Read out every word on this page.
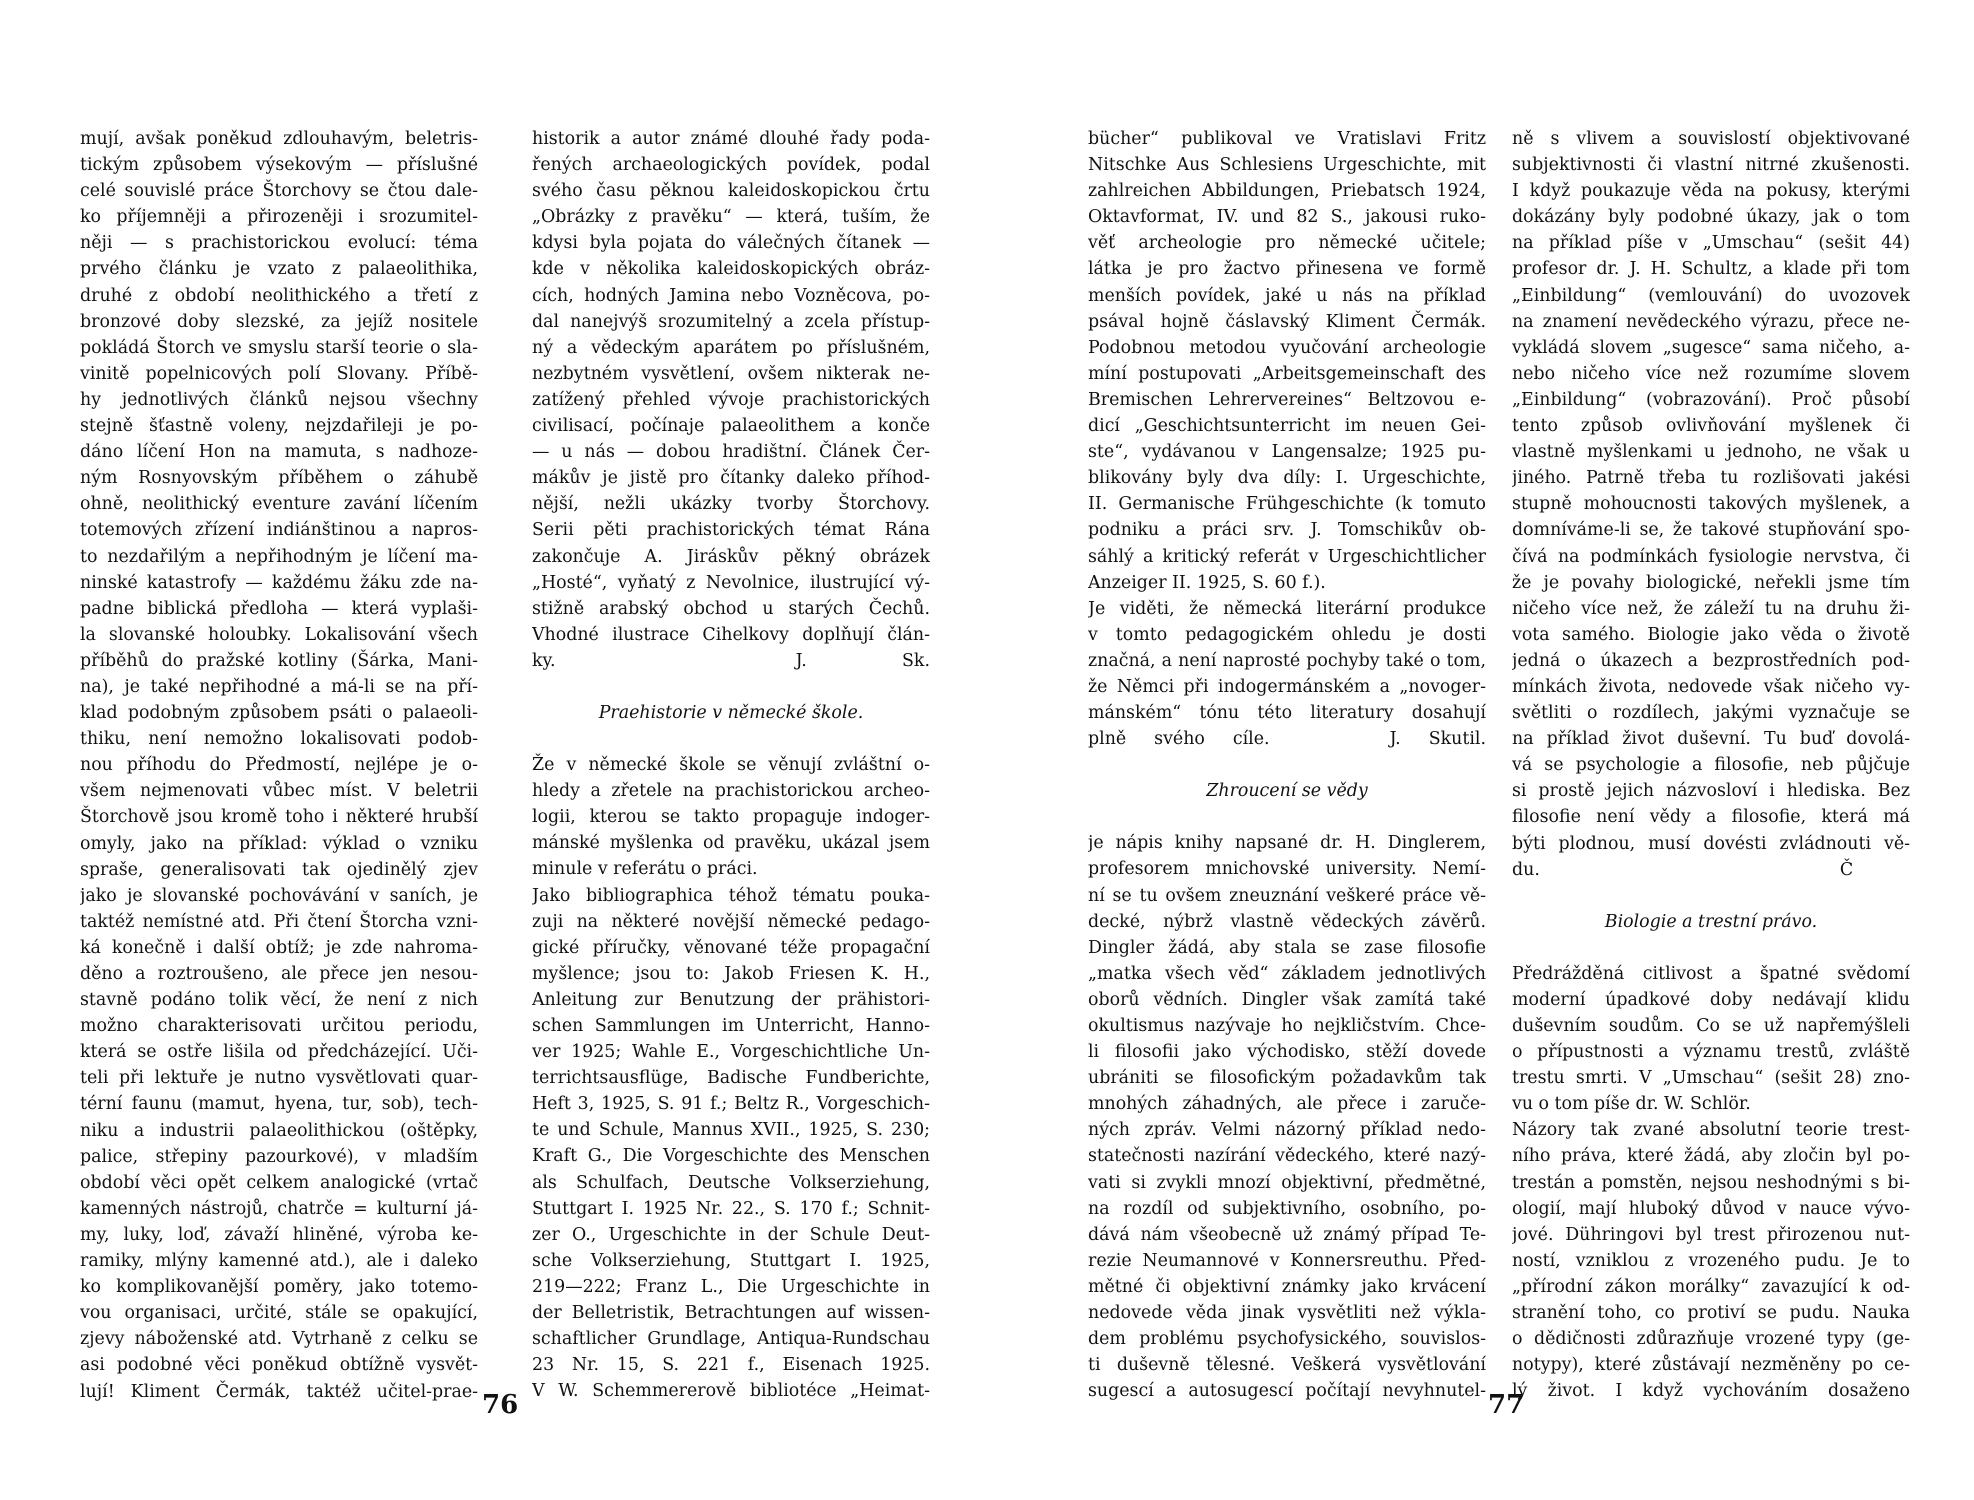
mují, avšak poněkud zdlouhavým, beletris-
tickým způsobem výsekovým — příslušné
celé souvislé práce Štorchovy se čtou dale-
ko příjemněji a přirozeněji i srozumitel-
něji — s prachistorickou evolucí: téma
prvého článku je vzato z palaeolithika,
druhé z období neolithického a třetí z
bronzové doby slezské, za jejíž nositele
pokládá Štorch ve smyslu starší teorie o sla-
vinitě popelnicových polí Slovany. Příbě-
hy jednotlivých článků nejsou všechny
stejně šťastně voleny, nejzdařileji je po-
dáno líčení Hon na mamuta, s nadhoze-
ným Rosnyovským příběhem o záhubě
ohně, neolithický eventure zavání líčením
totemových zřízení indiánštinou a napros-
to nezdařilým a nepřihodným je líčení ma-
ninské katastrofy — každému žáku zde na-
padne biblická předloha — která vyplaši-
la slovanské holoubky. Lokalisování všech
příběhů do pražské kotliny (Šárka, Mani-
na), je také nepřihodné a má-li se na pří-
klad podobným způsobem psáti o palaeoli-
thiku, není nemožno lokalisovati podob-
nou příhodu do Předmostí, nejlépe je o-
všem nejmenovati vůbec míst. V beletrii
Štorchově jsou kromě toho i některé hrubší
omyly, jako na příklad: výklad o vzniku
spraše, generalisovati tak ojedinělý zjev
jako je slovanské pochovávání v saních, je
taktéž nemístné atd. Při čtení Štorcha vzni-
ká konečně i další obtíž; je zde nahroma-
děno a roztroušeno, ale přece jen nesou-
stavně podáno tolik věcí, že není z nich
možno charakterisovati určitou periodu,
která se ostře lišila od předcházející. Uči-
teli při lektuře je nutno vysvětlovati quar-
térní faunu (mamut, hyena, tur, sob), tech-
niku a industrii palaeolithickou (oštěpky,
palice, střepiny pazourkové), v mladším
období věci opět celkem analogické (vrtač
kamenných nástrojů, chatrče = kulturní já-
my, luky, loď, závaží hliněné, výroba ke-
ramiky, mlýny kamenné atd.), ale i daleko
ko komplikovanější poměry, jako totemo-
vou organisaci, určité, stále se opakující,
zjevy náboženské atd. Vytrhaně z celku se
asi podobné věci poněkud obtížně vysvět-
lují! Kliment Čermák, taktéž učitel-prae-
historik a autor známé dlouhé řady poda-
řených archaeologických povídek, podal
svého času pěknou kaleidoskopickou črtu
„Obrázky z pravěku“ — která, tuším, že
kdysi byla pojata do válečných čítanek —
kde v několika kaleidoskopických obráz-
cích, hodných Jamina nebo Vozněcova, po-
dal nanejvýš srozumitelný a zcela přístup-
ný a vědeckým aparátem po příslušném,
nezbytném vysvětlení, ovšem nikterak ne-
zatížený přehled vývoje prachistorických
civilisací, počínaje palaeolithem a konče
— u nás — dobou hradištní. Článek Čer-
mákův je jistě pro čítanky daleko příhod-
nější, nežli ukázky tvorby Štorchovy.
Serii pěti prachistorických témat Rána
zakončuje A. Jiráskův pěkný obrázek
„Hosté“, vyňatý z Nevolnice, ilustrující vý-
stižně arabský obchod u starých Čechů.
Vhodné ilustrace Cihelkovy doplňují člán-
ky.	J. Sk.
Praehistorie v německé škole.
Že v německé škole se věnují zvláštní o-
hledy a zřetele na prachistorickou archeo-
logii, kterou se takto propaguje indoger-
mánské myšlenka od pravěku, ukázal jsem
minule v referátu o práci.
Jako bibliographica téhož tématu pouka-
zuji na některé novější německé pedago-
gické příručky, věnované téže propagační
myšlence; jsou to: Jakob Friesen K. H.,
Anleitung zur Benutzung der prähistori-
schen Sammlungen im Unterricht, Hanno-
ver 1925; Wahle E., Vorgeschichtliche Un-
terrichtsausflüge, Badische Fundberichte,
Heft 3, 1925, S. 91 f.; Beltz R., Vorgeschich-
te und Schule, Mannus XVII., 1925, S. 230;
Kraft G., Die Vorgeschichte des Menschen
als Schulfach, Deutsche Volkserziehung,
Stuttgart I. 1925 Nr. 22., S. 170 f.; Schnit-
zer O., Urgeschichte in der Schule Deut-
sche Volkserziehung, Stuttgart I. 1925,
219—222; Franz L., Die Urgeschichte in
der Belletristik, Betrachtungen auf wissen-
schaftlicher Grundlage, Antiqua-Rundschau
23 Nr. 15, S. 221 f., Eisenach 1925.
V W. Schemmererově bibliotéce „Heimat-
76
bücher“ publikoval ve Vratislavi Fritz
Nitschke Aus Schlesiens Urgeschichte, mit
zahlreichen Abbildungen, Priebatsch 1924,
Oktavformat, IV. und 82 S., jakousi ruko-
věť archeologie pro německé učitele;
látka je pro žactvo přinesena ve formě
menších povídek, jaké u nás na příklad
psával hojně čáslavský Kliment Čermák.
Podobnou metodou vyučování archeologie
míní postupovati „Arbeitsgemeinschaft des
Bremischen Lehrervereines“ Beltzovou e-
dicí „Geschichtsunterricht im neuen Gei-
ste“, vydávanou v Langensalze; 1925 pu-
blikovány byly dva díly: I. Urgeschichte,
II. Germanische Frühgeschichte (k tomuto
podniku a práci srv. J. Tomschikův ob-
sáhlý a kritický referát v Urgeschichtlicher
Anzeiger II. 1925, S. 60 f.).
Je viděti, že německá literární produkce
v tomto pedagogickém ohledu je dosti
značná, a není naprosté pochyby také o tom,
že Němci při indogermánském a „novoger-
mánském“ tónu této literatury dosahují
plně svého cíle.	J. Skutil.
Zhroucení se vědy
je nápis knihy napsané dr. H. Dinglerem,
profesorem mnichovské university. Nemí-
ní se tu ovšem zneuznání veškeré práce vě-
decké, nýbrž vlastně vědeckých závěrů.
Dingler žádá, aby stala se zase filosofie
„matka všech věd“ základem jednotlivých
oborů vědních. Dingler však zamítá také
okultismus nazývaje ho nejkličstvím. Chce-
li filosofii jako východisko, stěží dovede
ubrániti se filosofickým požadavkům tak
mnohých záhadných, ale přece i zaruče-
ných zpráv. Velmi názorný příklad nedo-
statečnosti nazírání vědeckého, které nazý-
vati si zvykli mnozí objektivní, předmětné,
na rozdíl od subjektivního, osobního, po-
dává nám všeobecně už známý případ Te-
rezie Neumannové v Konnersreuthu. Před-
mětné či objektivní známky jako krvácení
nedovede věda jinak vysvětliti než výkla-
dem problému psychofysického, souvislos-
ti duševně tělesné. Veškerá vysvětlování
sugescí a autosugescí počítají nevyhnutel-
ně s vlivem a souvislostí objektivované
subjektivnosti či vlastní nitrné zkušenosti.
I když poukazuje věda na pokusy, kterými
dokázány byly podobné úkazy, jak o tom
na příklad píše v „Umschau“ (sešit 44)
profesor dr. J. H. Schultz, a klade při tom
„Einbildung“ (vemlouvání) do uvozovek
na znamení nevědeckého výrazu, přece ne-
vykládá slovem „sugesce“ sama ničeho, a-
nebo ničeho více než rozumíme slovem
„Einbildung“ (vobrazování). Proč působí
tento způsob ovlivňování myšlenek či
vlastně myšlenkami u jednoho, ne však u
jiného. Patrně třeba tu rozlišovati jakési
stupně mohoucnosti takových myšlenek, a
domníváme-li se, že takové stupňování spo-
čívá na podmínkách fysiologie nervstva, či
že je povahy biologické, neřekli jsme tím
ničeho více než, že záleží tu na druhu ži-
vota samého. Biologie jako věda o životě
jedná o úkazech a bezprostředních pod-
mínkách života, nedovede však ničeho vy-
světliti o rozdílech, jakými vyznačuje se
na příklad život duševní. Tu buď dovolá-
vá se psychologie a filosofie, neb půjčuje
si prostě jejich názvosloví i hlediska. Bez
filosofie není vědy a filosofie, která má
býti plodnou, musí dovésti zvládnouti vě-
du.	Č
Biologie a trestní právo.
Předrážděná citlivost a špatné svědomí
moderní úpadkové doby nedávají klidu
duševním soudům. Co se už napřemýšleli
o přípustnosti a významu trestů, zvláště
trestu smrti. V „Umschau“ (sešit 28) zno-
vu o tom píše dr. W. Schlör.
Názory tak zvané absolutní teorie trest-
ního práva, které žádá, aby zločin byl po-
trestán a pomstěn, nejsou neshodnými s bi-
ologií, mají hluboký důvod v nauce vývo-
jové. Dühringovi byl trest přirozenou nut-
ností, vzniklou z vrozeného pudu. Je to
„přírodní zákon morálky“ zavazující k od-
stranění toho, co protiví se pudu. Nauka
o dědičnosti zdůrazňuje vrozené typy (ge-
notypy), které zůstávají nezměněny po ce-
lý život. I když vychováním dosaženo
77
